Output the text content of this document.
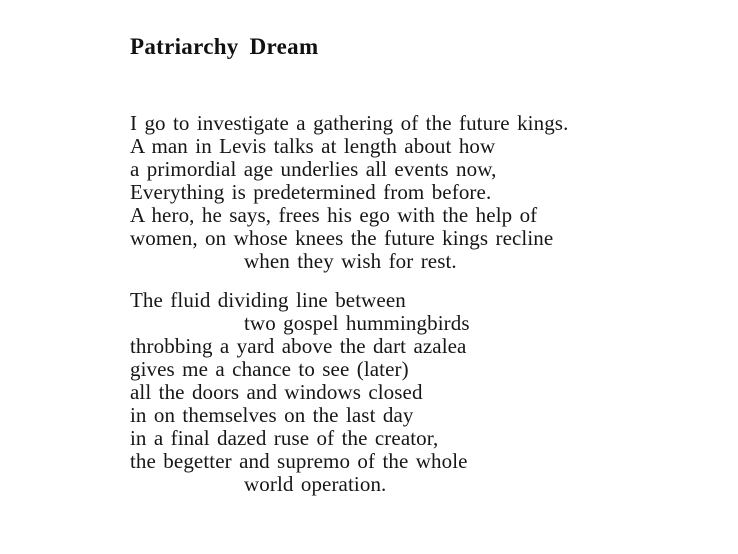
Patriarchy Dream
I go to investigate a gathering of the future kings.
A man in Levis talks at length about how
a primordial age underlies all events now,
Everything is predetermined from before.
A hero, he says, frees his ego with the help of
women, on whose knees the future kings recline
when they wish for rest.
The fluid dividing line between
two gospel hummingbirds
throbbing a yard above the dart azalea
gives me a chance to see (later)
all the doors and windows closed
in on themselves on the last day
in a final dazed ruse of the creator,
the begetter and supremo of the whole
world operation.
